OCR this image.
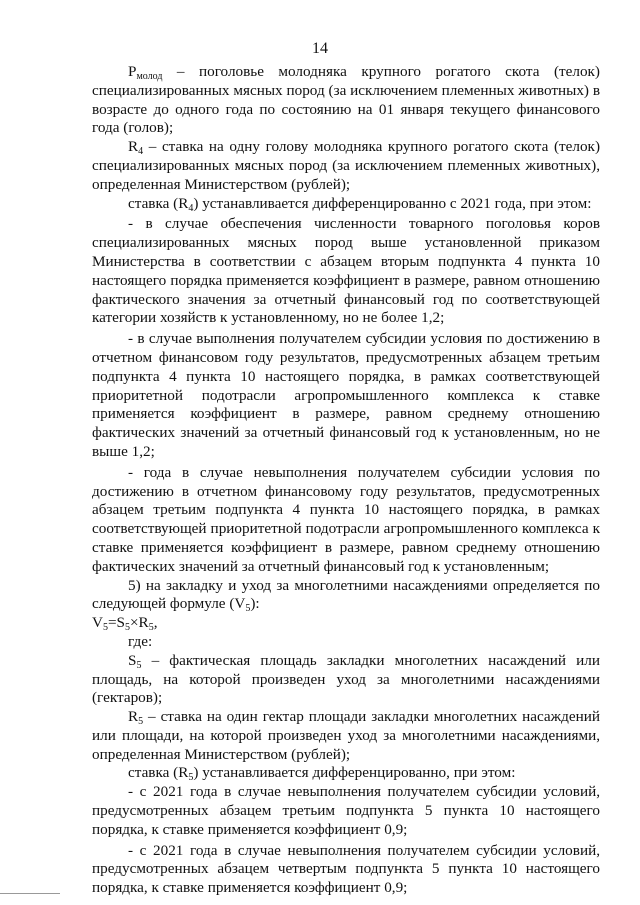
14

$P_{молод}$ – поголовье молодняка крупного рогатого скота (телок) специализированных мясных пород (за исключением племенных животных) в возрасте до одного года по состоянию на 01 января текущего финансового года (голов);

$R_4$ – ставка на одну голову молодняка крупного рогатого скота (телок) специализированных мясных пород (за исключением племенных животных), определенная Министерством (рублей);

ставка $(R_4)$ устанавливается дифференцированно с 2021 года, при этом:

- в случае обеспечения численности товарного поголовья коров специализированных мясных пород выше установленной приказом Министерства в соответствии с абзацем вторым подпункта 4 пункта 10 настоящего порядка применяется коэффициент в размере, равном отношению фактического значения за отчетный финансовый год по соответствующей категории хозяйств к установленному, но не более 1,2;

- в случае выполнения получателем субсидии условия по достижению в отчетном финансовом году результатов, предусмотренных абзацем третьим подпункта 4 пункта 10 настоящего порядка, в рамках соответствующей приоритетной подотрасли агропромышленного комплекса к ставке применяется коэффициент в размере, равном среднему отношению фактических значений за отчетный финансовый год к установленным, но не выше 1,2;

- года в случае невыполнения получателем субсидии условия по достижению в отчетном финансовому году результатов, предусмотренных абзацем третьим подпункта 4 пункта 10 настоящего порядка, в рамках соответствующей приоритетной подотрасли агропромышленного комплекса к ставке применяется коэффициент в размере, равном среднему отношению фактических значений за отчетный финансовый год к установленным;

5) на закладку и уход за многолетними насаждениями определяется по следующей формуле $(V_5)$:

$V_5=S_5\times R_5$,

где:

$S_5$ – фактическая площадь закладки многолетних насаждений или площадь, на которой произведен уход за многолетними насаждениями (гектаров);

$R_5$ – ставка на один гектар площади закладки многолетних насаждений или площади, на которой произведен уход за многолетними насаждениями, определенная Министерством (рублей);

ставка $(R_5)$ устанавливается дифференцированно, при этом:

- с 2021 года в случае невыполнения получателем субсидии условий, предусмотренных абзацем третьим подпункта 5 пункта 10 настоящего порядка, к ставке применяется коэффициент 0,9;

- с 2021 года в случае невыполнения получателем субсидии условий, предусмотренных абзацем четвертым подпункта 5 пункта 10 настоящего порядка, к ставке применяется коэффициент 0,9;
